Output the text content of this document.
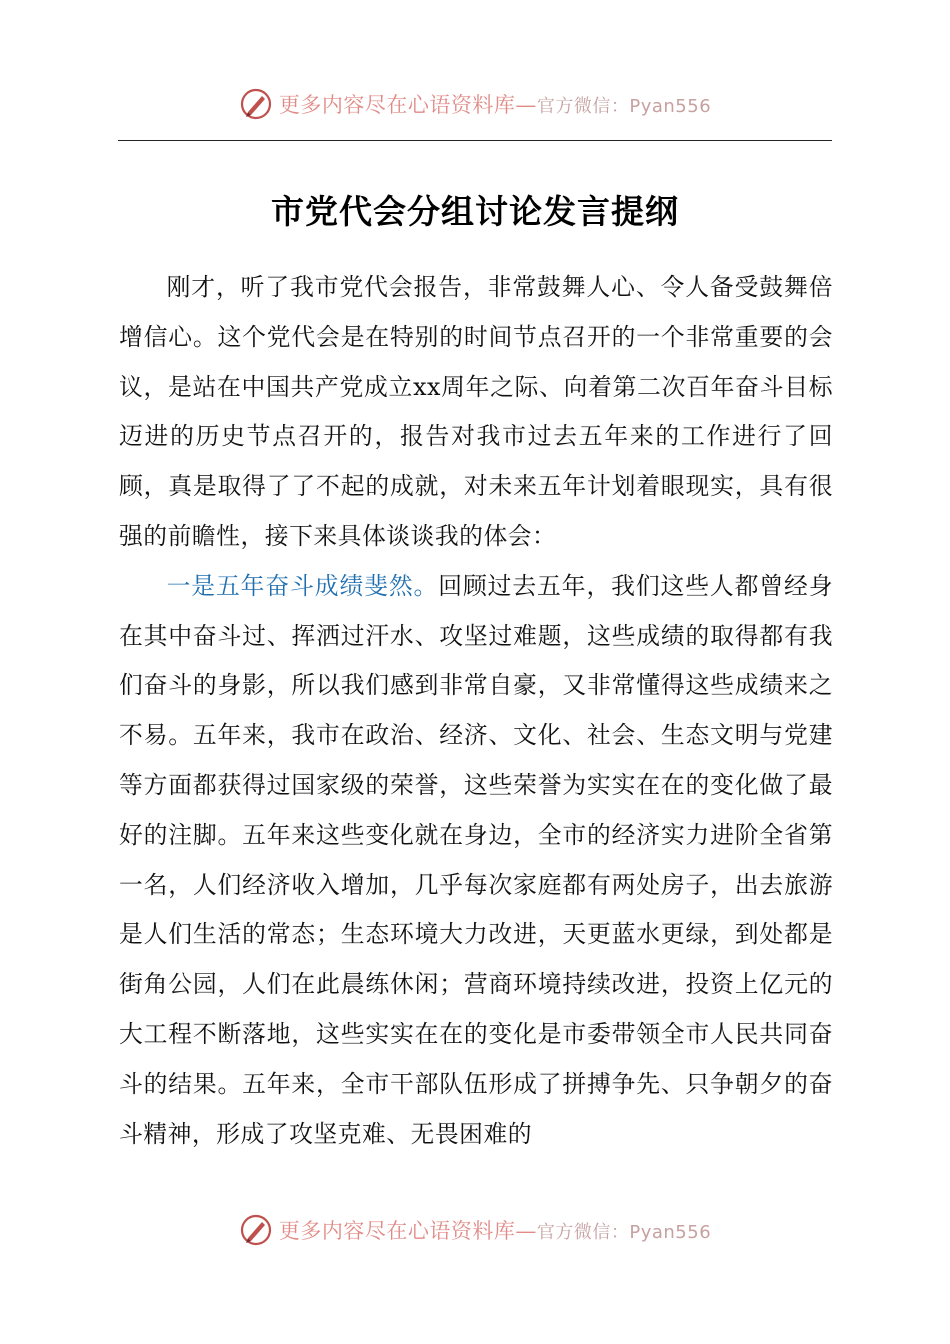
更多内容尽在心语资料库—官方微信：Pyan556
市党代会分组讨论发言提纲

刚才，听了我市党代会报告，非常鼓舞人心、令人备受鼓舞倍增信心。这个党代会是在特别的时间节点召开的一个非常重要的会议，是站在中国共产党成立xx周年之际、向着第二次百年奋斗目标迈进的历史节点召开的，报告对我市过去五年来的工作进行了回顾，真是取得了了不起的成就，对未来五年计划着眼现实，具有很强的前瞻性，接下来具体谈谈我的体会：

一是五年奋斗成绩斐然。回顾过去五年，我们这些人都曾经身在其中奋斗过、挥洒过汗水、攻坚过难题，这些成绩的取得都有我们奋斗的身影，所以我们感到非常自豪，又非常懂得这些成绩来之不易。五年来，我市在政治、经济、文化、社会、生态文明与党建等方面都获得过国家级的荣誉，这些荣誉为实实在在的变化做了最好的注脚。五年来这些变化就在身边，全市的经济实力进阶全省第一名，人们经济收入增加，几乎每次家庭都有两处房子，出去旅游是人们生活的常态；生态环境大力改进，天更蓝水更绿，到处都是街角公园，人们在此晨练休闲；营商环境持续改进，投资上亿元的大工程不断落地，这些实实在在的变化是市委带领全市人民共同奋斗的结果。五年来，全市干部队伍形成了拼搏争先、只争朝夕的奋斗精神，形成了攻坚克难、无畏困难的

更多内容尽在心语资料库—官方微信：Pyan556
